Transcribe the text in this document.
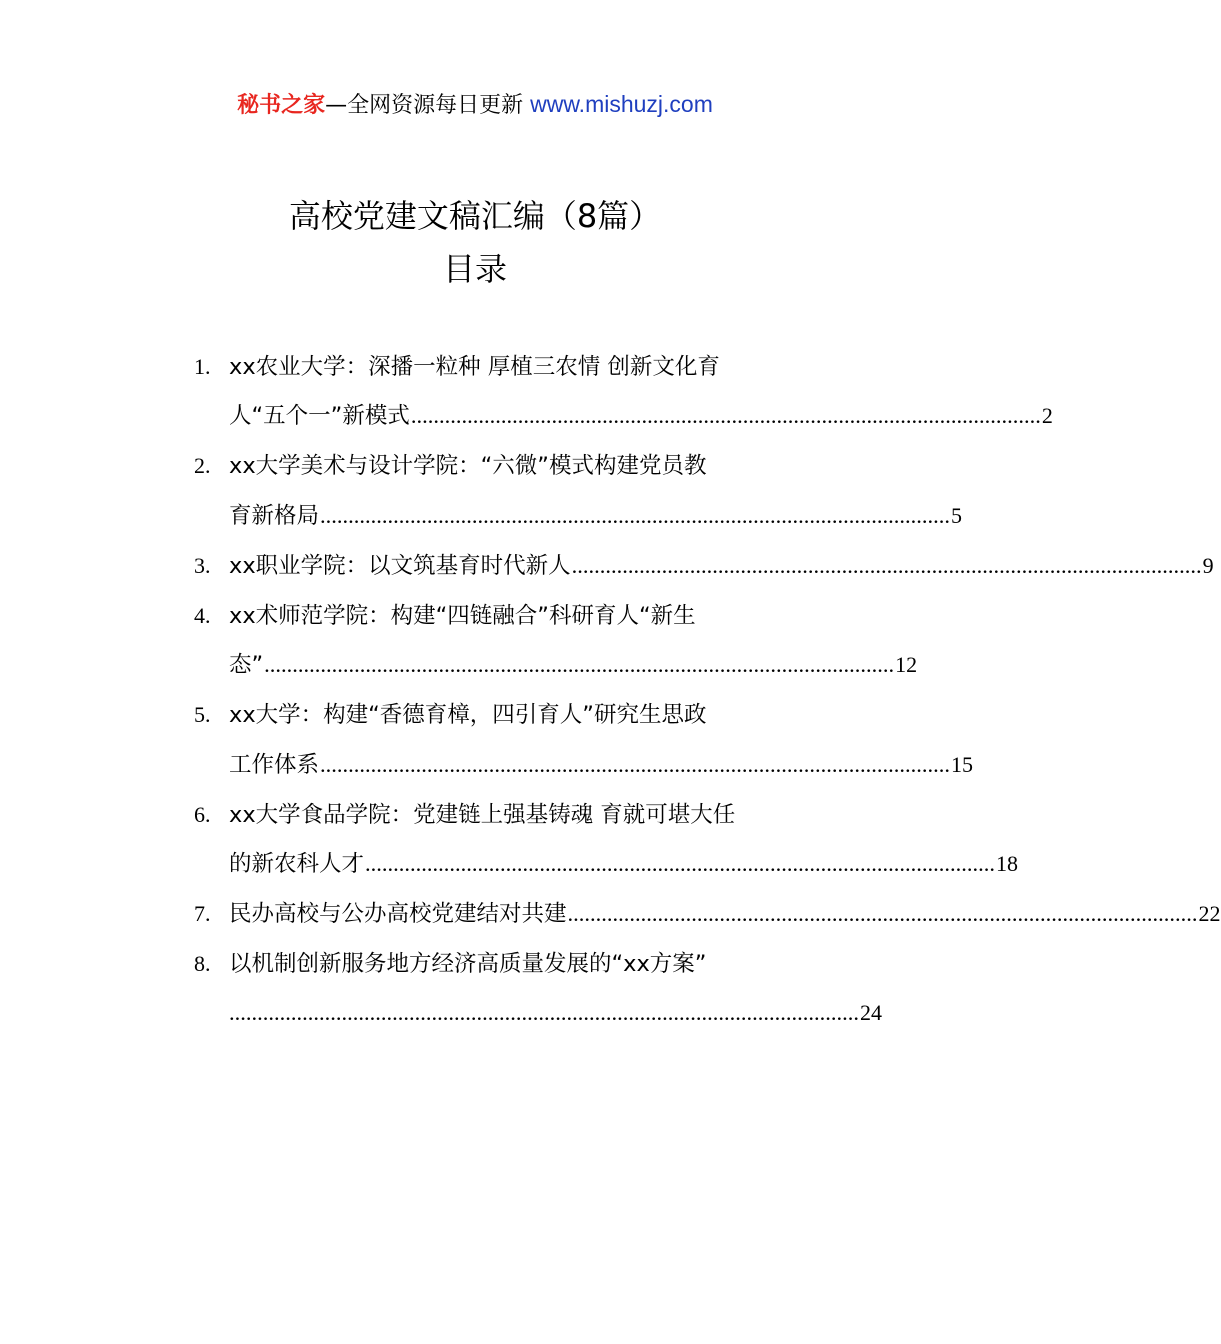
秘书之家—全网资源每日更新 www.mishuzj.com
高校党建文稿汇编（8篇）
目录
1. xx农业大学：深播一粒种 厚植三农情 创新文化育
人“五个一”新模式 ................................................................................................................ 2
2. xx大学美术与设计学院：“六微”模式构建党员教
育新格局 ................................................................................................................ 5
3. xx职业学院：以文筑基育时代新人 ................................................................................................................ 9
4. xx术师范学院：构建“四链融合”科研育人“新生
态” ................................................................................................................ 12
5. xx大学：构建“香德育樟，四引育人”研究生思政
工作体系 ................................................................................................................ 15
6. xx大学食品学院：党建链上强基铸魂 育就可堪大任
的新农科人才 ................................................................................................................ 18
7. 民办高校与公办高校党建结对共建 ................................................................................................................ 22
8. 以机制创新服务地方经济高质量发展的“xx方案”
................................................................................................................ 24
